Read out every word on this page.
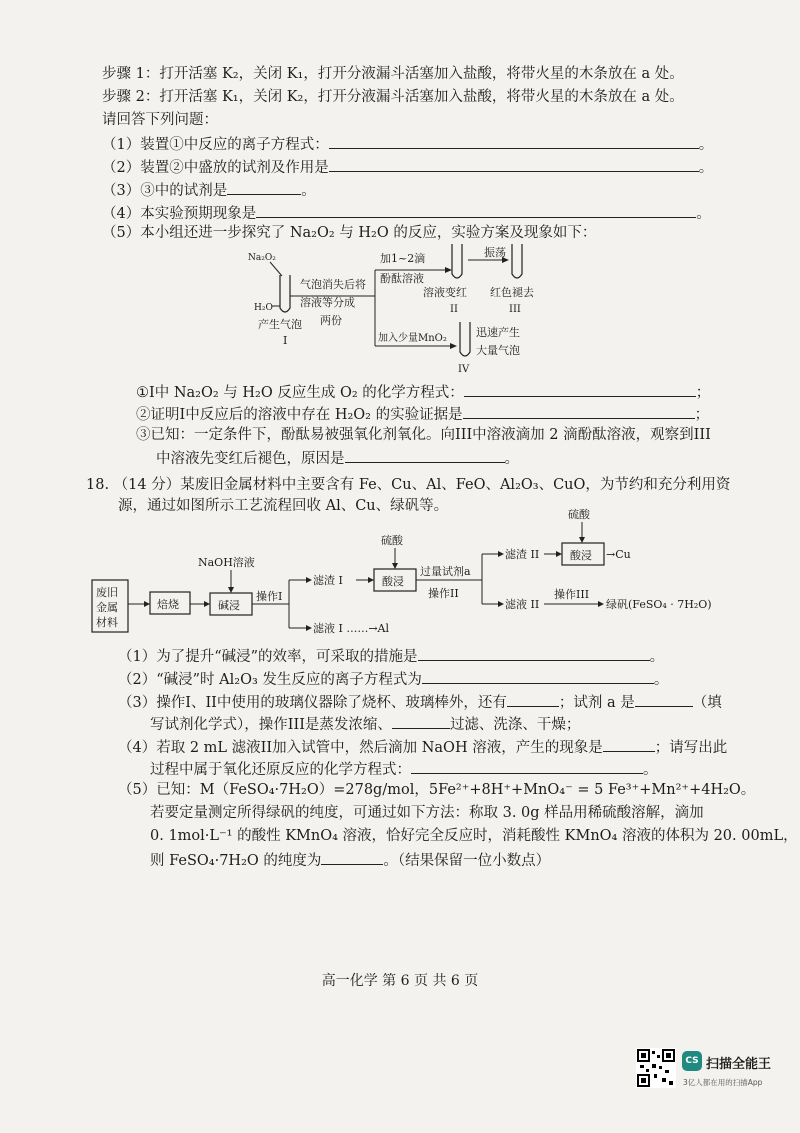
步骤 1：打开活塞 K₂，关闭 K₁，打开分液漏斗活塞加入盐酸，将带火星的木条放在 a 处。
步骤 2：打开活塞 K₁，关闭 K₂，打开分液漏斗活塞加入盐酸，将带火星的木条放在 a 处。
请回答下列问题：
（1）装置①中反应的离子方程式：	。
（2）装置②中盛放的试剂及作用是	。
（3）③中的试剂是	。
（4）本实验预期现象是	。
（5）本小组还进一步探究了 Na₂O₂ 与 H₂O 的反应，实验方案及现象如下：
Na₂O₂
H₂O
产生气泡
I
气泡消失后将
溶液等分成
两份
加1~2滴
酚酞溶液
溶液变红
II
振荡
红色褪去
III
加入少量MnO₂	迅速产生
大量气泡
IV
①I中 Na₂O₂ 与 H₂O 反应生成 O₂ 的化学方程式：	；
②证明I中反应后的溶液中存在 H₂O₂ 的实验证据是	；
③已知：一定条件下，酚酞易被强氧化剂氧化。向III中溶液滴加 2 滴酚酞溶液，观察到III
中溶液先变红后褪色，原因是	。
18. （14 分）某废旧金属材料中主要含有 Fe、Cu、Al、FeO、Al₂O₃、CuO，为节约和充分利用资
源，通过如图所示工艺流程回收 Al、Cu、绿矾等。
废旧
金属
材料
焙烧
NaOH溶液
碱浸
操作I
滤渣 I
滤液 I ……→Al
硫酸
酸浸
过量试剂a
操作II
滤渣 II
硫酸
酸浸 →Cu
滤液 II
操作III
绿矾(FeSO₄ · 7H₂O)
（1）为了提升“碱浸”的效率，可采取的措施是	。
（2）“碱浸”时 Al₂O₃ 发生反应的离子方程式为	。
（3）操作I、II中使用的玻璃仪器除了烧杯、玻璃棒外，还有	；试剂 a 是	（填
写试剂化学式），操作III是蒸发浓缩、	过滤、洗涤、干燥；
（4）若取 2 mL 滤液II加入试管中，然后滴加 NaOH 溶液，产生的现象是	；请写出此
过程中属于氧化还原反应的化学方程式：	。
（5）已知：M（FeSO₄·7H₂O）=278g/mol，5Fe²⁺+8H⁺+MnO₄⁻ = 5 Fe³⁺+Mn²⁺+4H₂O。
若要定量测定所得绿矾的纯度，可通过如下方法：称取 3. 0g 样品用稀硫酸溶解，滴加
0. 1mol·L⁻¹ 的酸性 KMnO₄ 溶液，恰好完全反应时，消耗酸性 KMnO₄ 溶液的体积为 20. 00mL，
则 FeSO₄·7H₂O 的纯度为	。（结果保留一位小数点）
高一化学 第 6 页 共 6 页
CS 扫描全能王
3亿人都在用的扫描App
